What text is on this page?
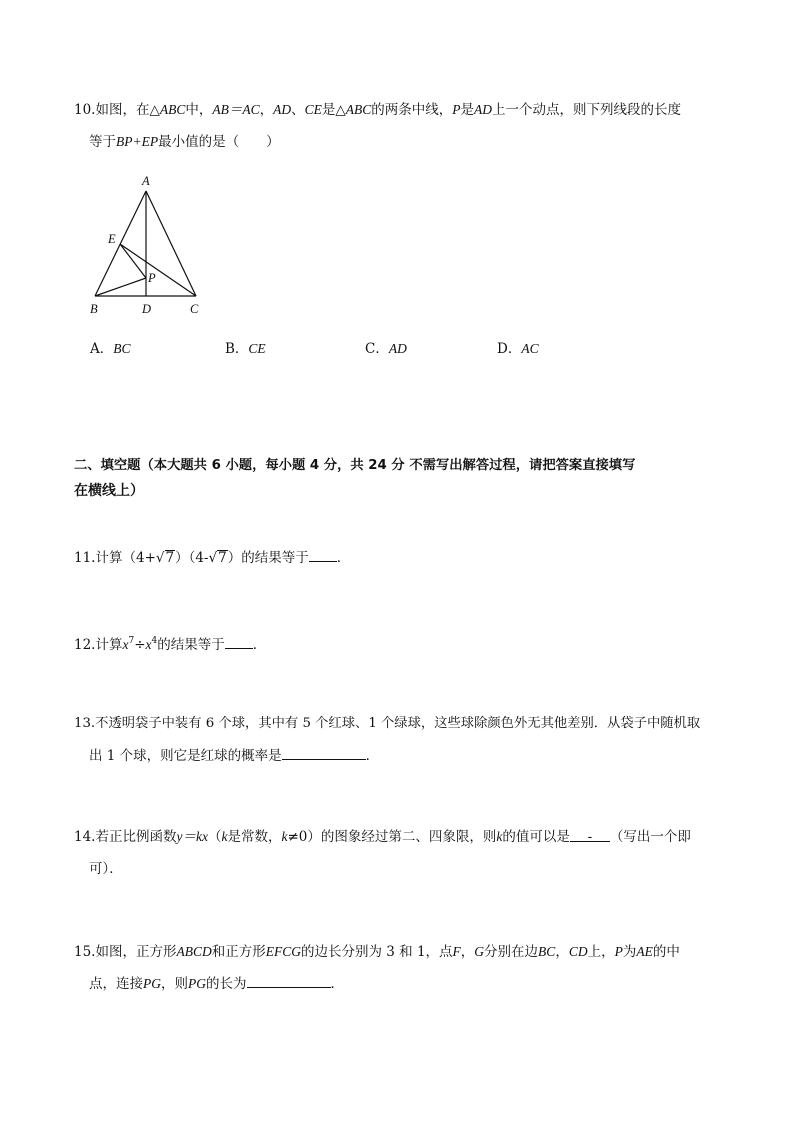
10.如图，在△ABC中，AB＝AC，AD、CE是△ABC的两条中线，P是AD上一个动点，则下列线段的长度
等于BP+EP最小值的是（　　）
A
E
P
B	D	C
A．BC	B．CE	C．AD	D．AC
二、填空题（本大题共 6 小题，每小题 4 分，共 24 分 不需写出解答过程，请把答案直接填写
在横线上）
11.计算（4+√7）（4-√7）的结果等于 ．
12.计算$x^7\div x^4$的结果等于 ．
13.不透明袋子中装有 6 个球，其中有 5 个红球、1 个绿球，这些球除颜色外无其他差别．从袋子中随机取
出 1 个球，则它是红球的概率是	．
14.若正比例函数y＝kx（k是常数，k≠0）的图象经过第二、四象限，则k的值可以是 - （写出一个即
可）．
15.如图，正方形ABCD和正方形EFCG的边长分别为 3 和 1，点F，G分别在边BC，CD上，P为AE的中
点，连接PG，则PG的长为	．
